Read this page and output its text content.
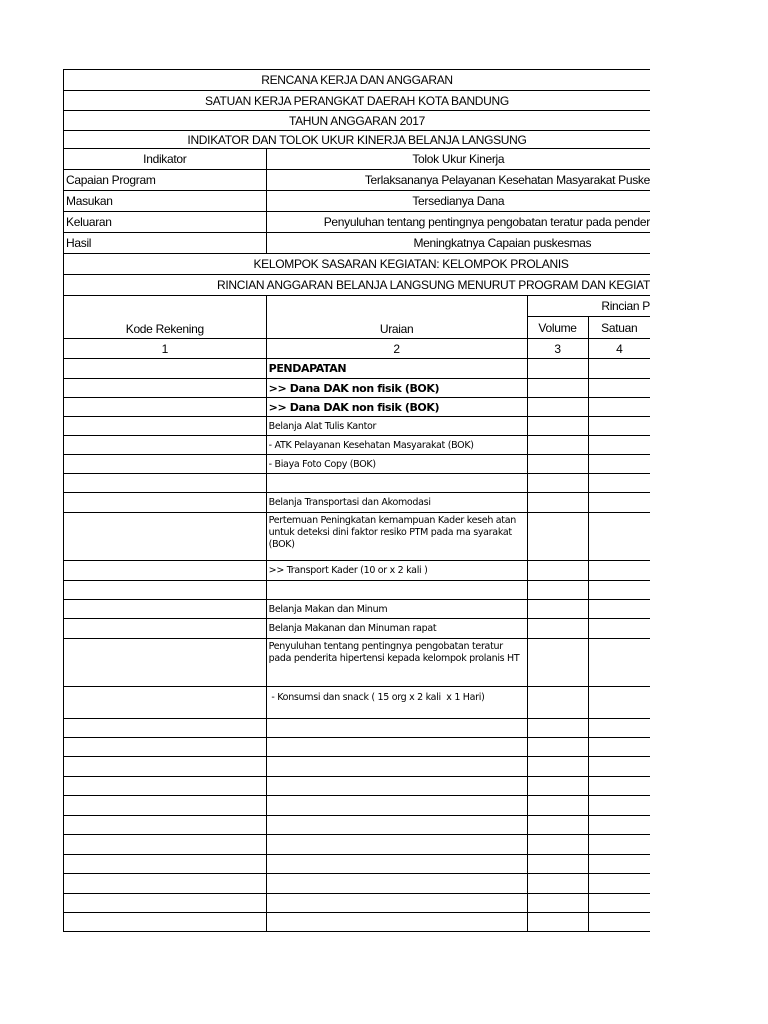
RENCANA KERJA DAN ANGGARAN			
SATUAN KERJA PERANGKAT DAERAH KOTA BANDUNG			
TAHUN ANGGARAN 2017			
INDIKATOR DAN TOLOK UKUR KINERJA BELANJA LANGSUNG			
Indikator	Tolok Ukur Kinerja		
Capaian Program	Terlaksananya Pelayanan Kesehatan Masyarakat Puske		
Masukan	Tersedianya Dana		
Keluaran	Penyuluhan tentang pentingnya pengobatan teratur pada pender		
Hasil	Meningkatnya Capaian puskesmas		
KELOMPOK SASARAN KEGIATAN: KELOMPOK PROLANIS			
RINCIAN ANGGARAN BELANJA LANGSUNG MENURUT PROGRAM DAN KEGIAT			
Kode Rekening	Uraian	Rincian P	
		Volume	Satuan
1	2	3	4
	PENDAPATAN		
	>> Dana DAK non fisik (BOK)		
	>> Dana DAK non fisik (BOK)		
	Belanja Alat Tulis Kantor		
	- ATK Pelayanan Kesehatan Masyarakat (BOK)		
	- Biaya Foto Copy (BOK)		

	Belanja Transportasi dan Akomodasi		
	Pertemuan Peningkatan kemampuan Kader keseh atan untuk deteksi dini faktor resiko PTM pada ma syarakat (BOK)		
	>> Transport Kader (10 or x 2 kali )		

	Belanja Makan dan Minum		
	Belanja Makanan dan Minuman rapat		
	Penyuluhan tentang pentingnya pengobatan teratur pada penderita hipertensi kepada kelompok prolanis HT		
	- Konsumsi dan snack ( 15 org x 2 kali  x 1 Hari)		
